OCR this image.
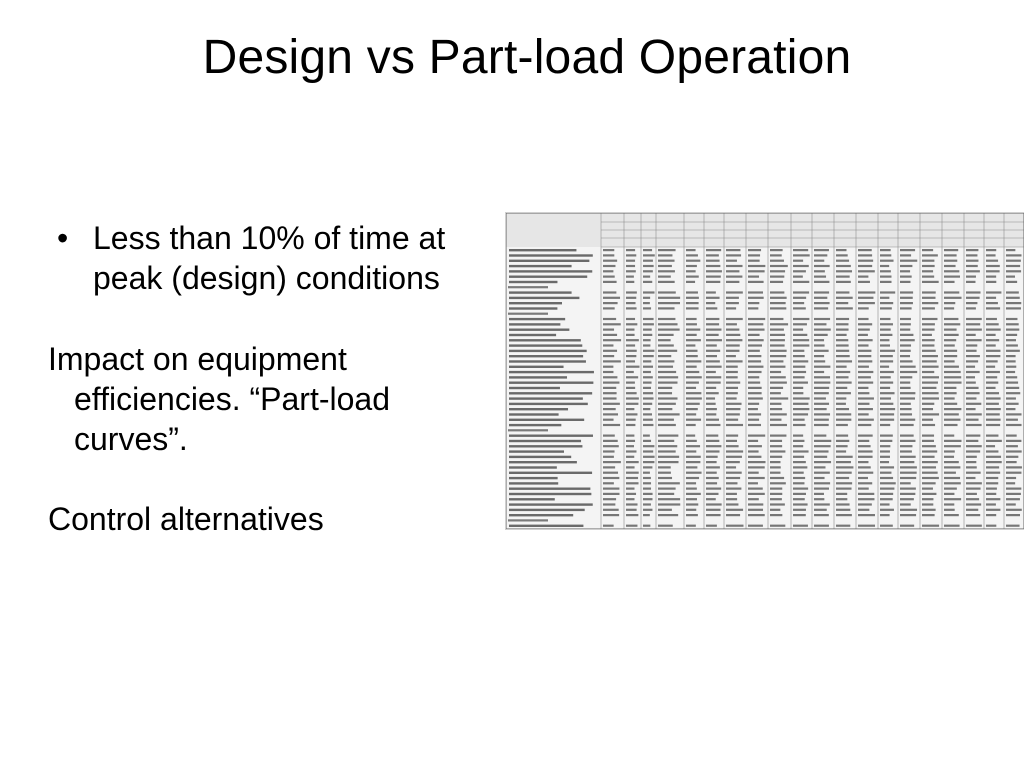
Design vs Part-load Operation

• Less than 10% of time at peak (design) conditions

Impact on equipment efficiencies. “Part-load curves”.

Control alternatives
